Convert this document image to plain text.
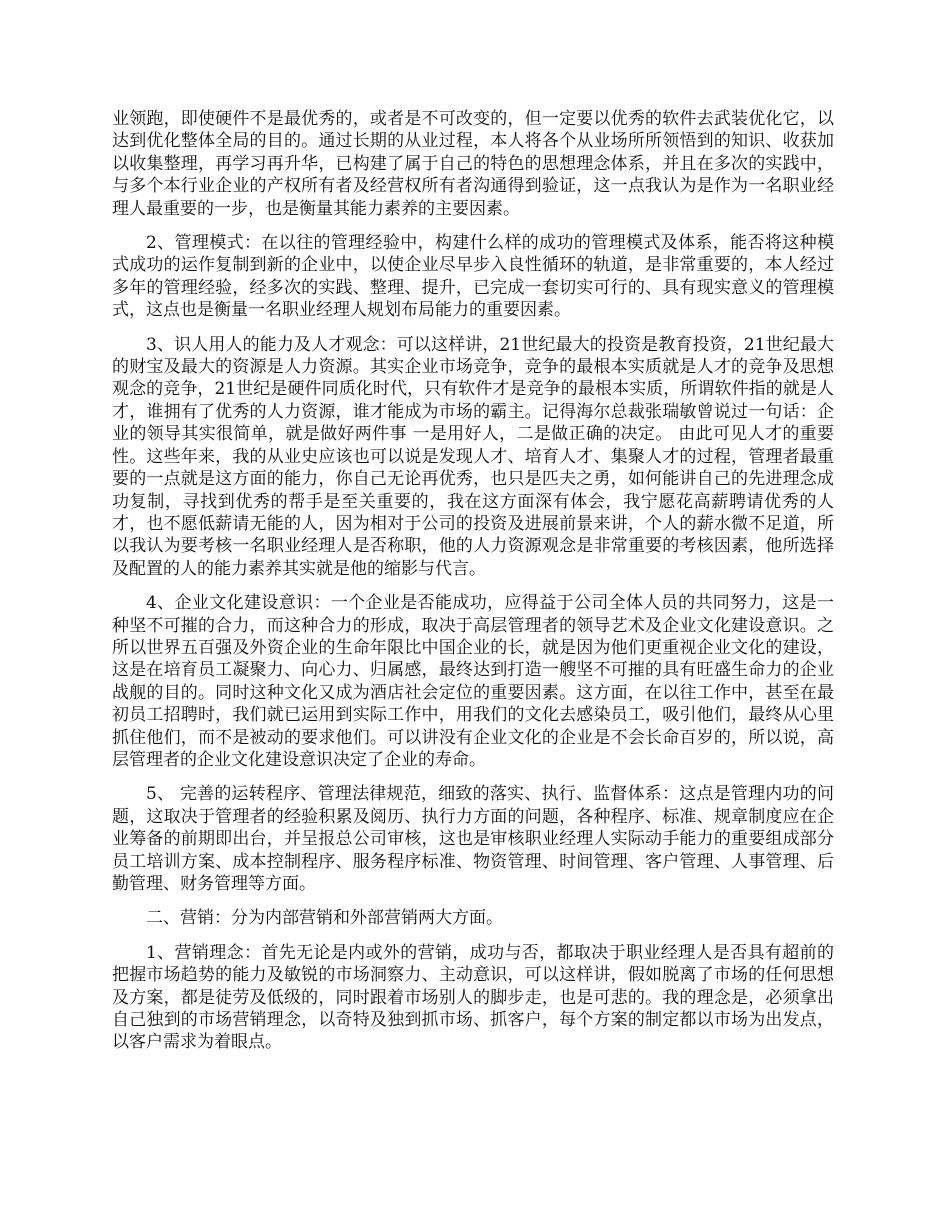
业领跑，即使硬件不是最优秀的，或者是不可改变的，但一定要以优秀的软件去武装优化它，以达到优化整体全局的目的。通过长期的从业过程，本人将各个从业场所所领悟到的知识、收获加以收集整理，再学习再升华，已构建了属于自己的特色的思想理念体系，并且在多次的实践中，与多个本行业企业的产权所有者及经营权所有者沟通得到验证，这一点我认为是作为一名职业经理人最重要的一步，也是衡量其能力素养的主要因素。

2、管理模式：在以往的管理经验中，构建什么样的成功的管理模式及体系，能否将这种模式成功的运作复制到新的企业中，以使企业尽早步入良性循环的轨道，是非常重要的，本人经过多年的管理经验，经多次的实践、整理、提升，已完成一套切实可行的、具有现实意义的管理模式，这点也是衡量一名职业经理人规划布局能力的重要因素。

3、识人用人的能力及人才观念：可以这样讲，21世纪最大的投资是教育投资，21世纪最大的财宝及最大的资源是人力资源。其实企业市场竞争，竞争的最根本实质就是人才的竞争及思想观念的竞争，21世纪是硬件同质化时代，只有软件才是竞争的最根本实质，所谓软件指的就是人才，谁拥有了优秀的人力资源，谁才能成为市场的霸主。记得海尔总裁张瑞敏曾说过一句话：企业的领导其实很简单，就是做好两件事 一是用好人，二是做正确的决定。 由此可见人才的重要性。这些年来，我的从业史应该也可以说是发现人才、培育人才、集聚人才的过程，管理者最重要的一点就是这方面的能力，你自己无论再优秀，也只是匹夫之勇，如何能讲自己的先进理念成功复制，寻找到优秀的帮手是至关重要的，我在这方面深有体会，我宁愿花高薪聘请优秀的人才，也不愿低薪请无能的人，因为相对于公司的投资及进展前景来讲，个人的薪水微不足道，所以我认为要考核一名职业经理人是否称职，他的人力资源观念是非常重要的考核因素，他所选择及配置的人的能力素养其实就是他的缩影与代言。

4、企业文化建设意识：一个企业是否能成功，应得益于公司全体人员的共同努力，这是一种坚不可摧的合力，而这种合力的形成，取决于高层管理者的领导艺术及企业文化建设意识。之所以世界五百强及外资企业的生命年限比中国企业的长，就是因为他们更重视企业文化的建设，这是在培育员工凝聚力、向心力、归属感，最终达到打造一艘坚不可摧的具有旺盛生命力的企业战舰的目的。同时这种文化又成为酒店社会定位的重要因素。这方面，在以往工作中，甚至在最初员工招聘时，我们就已运用到实际工作中，用我们的文化去感染员工，吸引他们，最终从心里抓住他们，而不是被动的要求他们。可以讲没有企业文化的企业是不会长命百岁的，所以说，高层管理者的企业文化建设意识决定了企业的寿命。

5、 完善的运转程序、管理法律规范，细致的落实、执行、监督体系：这点是管理内功的问题，这取决于管理者的经验积累及阅历、执行力方面的问题，各种程序、标准、规章制度应在企业筹备的前期即出台，并呈报总公司审核，这也是审核职业经理人实际动手能力的重要组成部分 员工培训方案、成本控制程序、服务程序标准、物资管理、时间管理、客户管理、人事管理、后勤管理、财务管理等方面。

二、营销：分为内部营销和外部营销两大方面。

1、营销理念：首先无论是内或外的营销，成功与否，都取决于职业经理人是否具有超前的把握市场趋势的能力及敏锐的市场洞察力、主动意识，可以这样讲，假如脱离了市场的任何思想及方案，都是徒劳及低级的，同时跟着市场别人的脚步走，也是可悲的。我的理念是，必须拿出自己独到的市场营销理念，以奇特及独到抓市场、抓客户，每个方案的制定都以市场为出发点，以客户需求为着眼点。
